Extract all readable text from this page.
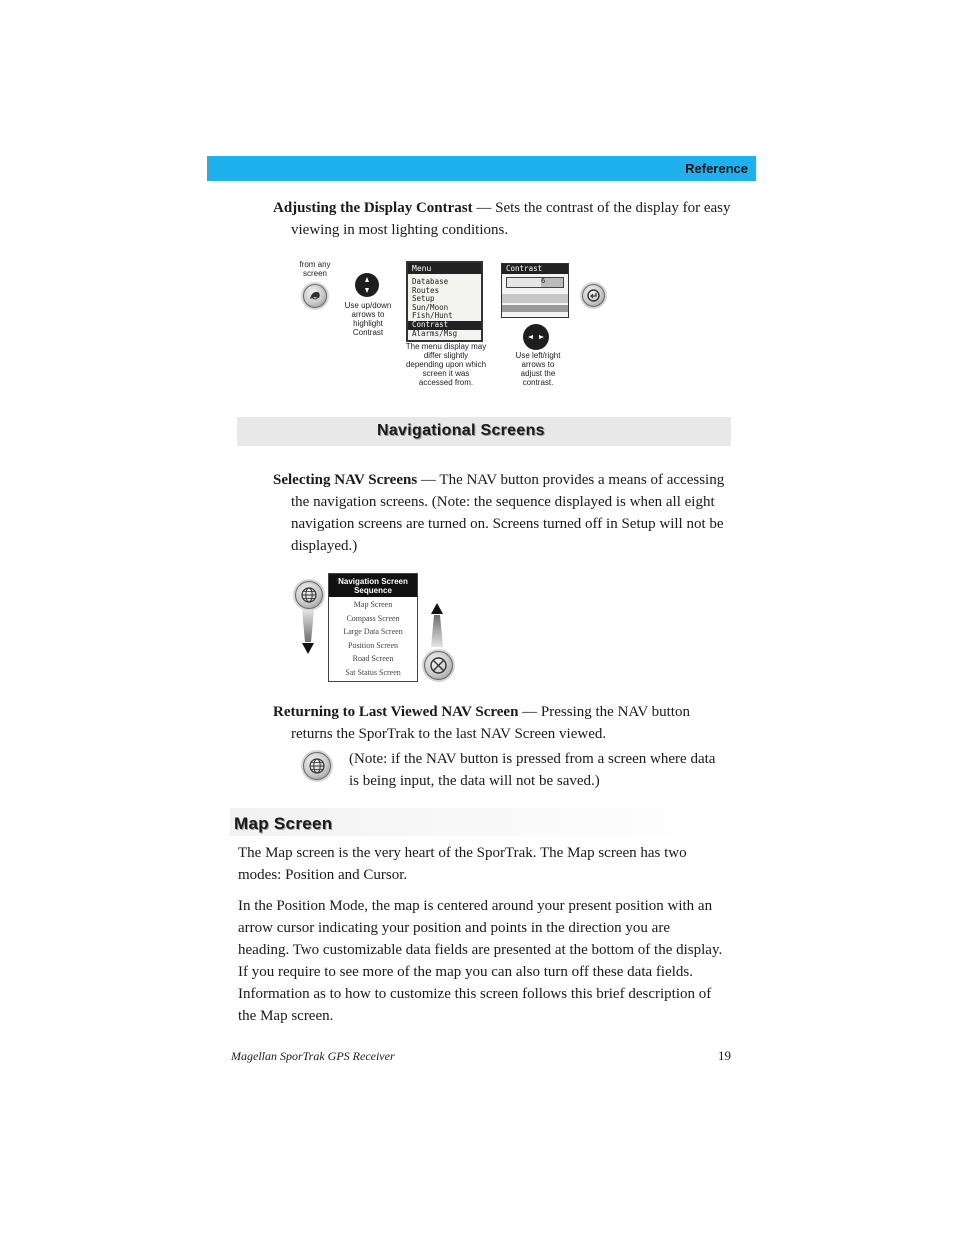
Reference
Adjusting the Display Contrast — Sets the contrast of the display for easy
viewing in most lighting conditions.
from any
screen
Use up/down
arrows to
highlight
Contrast
Menu
Database
Routes
Setup
Sun/Moon
Fish/Hunt
Contrast
Alarms/Msg
The menu display may
differ slightly
depending upon which
screen it was
accessed from.
Contrast
6
Use left/right
arrows to
adjust the
contrast.
Navigational Screens
Selecting NAV Screens — The NAV button provides a means of accessing
the navigation screens. (Note: the sequence displayed is when all eight
navigation screens are turned on. Screens turned off in Setup will not be
displayed.)
Navigation Screen
Sequence
Map Screen
Compass Screen
Large Data Screen
Position Screen
Road Screen
Sat Status Screen
Returning to Last Viewed NAV Screen — Pressing the NAV button
returns the SporTrak to the last NAV Screen viewed.
(Note: if the NAV button is pressed from a screen where data
is being input, the data will not be saved.)
Map Screen
The Map screen is the very heart of the SporTrak. The Map screen has two
modes: Position and Cursor.
In the Position Mode, the map is centered around your present position with an
arrow cursor indicating your position and points in the direction you are
heading. Two customizable data fields are presented at the bottom of the display.
If you require to see more of the map you can also turn off these data fields.
Information as to how to customize this screen follows this brief description of
the Map screen.
Magellan SporTrak GPS Receiver	19
